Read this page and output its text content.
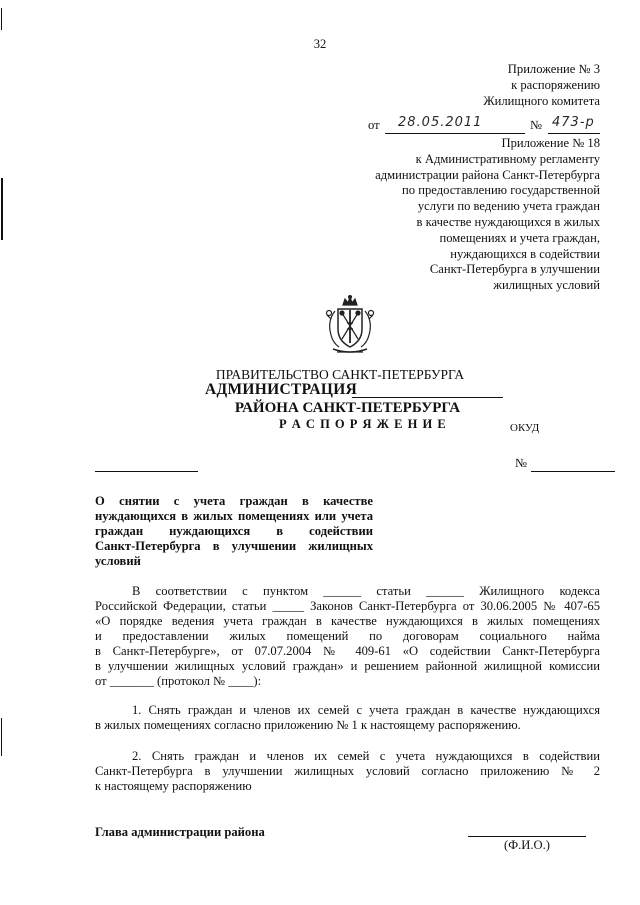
32
Приложение № 3
к распоряжению
Жилищного комитета
от 28.05.2011	№ 473-р
Приложение № 18
к Административному регламенту
администрации района Санкт-Петербурга
по предоставлению государственной
услуги по ведению учета граждан
в качестве нуждающихся в жилых
помещениях и учета граждан,
нуждающихся в содействии
Санкт-Петербурга в улучшении
жилищных условий
ПРАВИТЕЛЬСТВО САНКТ-ПЕТЕРБУРГА
АДМИНИСТРАЦИЯ
РАЙОНА САНКТ-ПЕТЕРБУРГА
Р А С П О Р Я Ж Е Н И Е	ОКУД
№
О снятии с учета граждан в качестве
нуждающихся в жилых помещениях или учета
граждан нуждающихся в содействии
Санкт-Петербурга в улучшении жилищных
условий
В соответствии с пунктом ______ статьи ______ Жилищного кодекса
Российской Федерации, статьи _____ Законов Санкт-Петербурга от 30.06.2005 № 407-65
«О порядке ведения учета граждан в качестве нуждающихся в жилых помещениях
и предоставлении жилых помещений по договорам социального найма
в Санкт-Петербурге», от 07.07.2004 № 409-61 «О содействии Санкт-Петербурга
в улучшении жилищных условий граждан» и решением районной жилищной комиссии
от _______ (протокол № ____):
1. Снять граждан и членов их семей с учета граждан в качестве нуждающихся
в жилых помещениях согласно приложению № 1 к настоящему распоряжению.
2. Снять граждан и членов их семей с учета нуждающихся в содействии
Санкт-Петербурга в улучшении жилищных условий согласно приложению № 2
к настоящему распоряжению
Глава администрации района
(Ф.И.О.)
